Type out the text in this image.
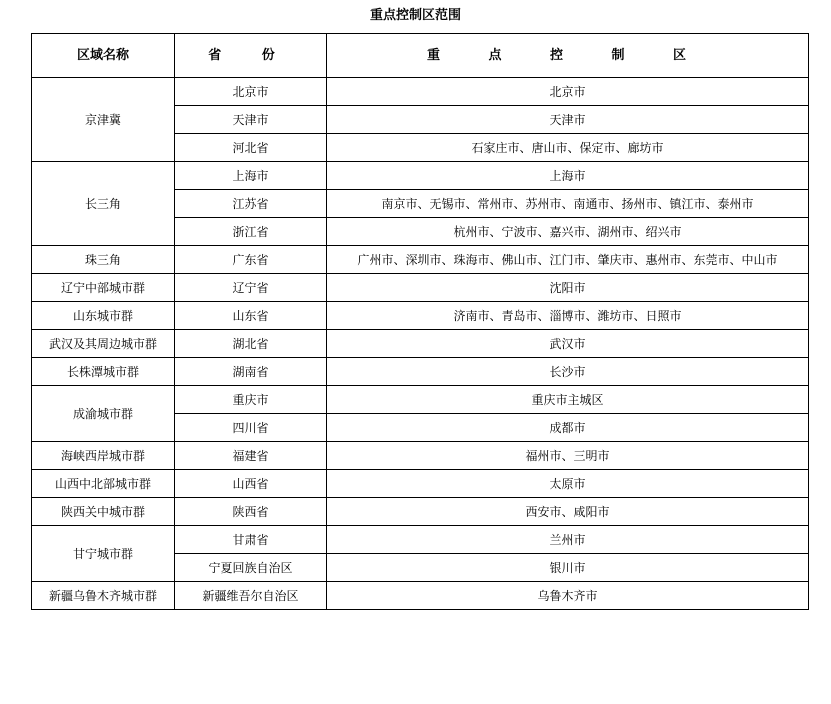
重点控制区范围
区域名称	省 份	重 点 控 制 区
京津冀	北京市	北京市
	天津市	天津市
	河北省	石家庄市、唐山市、保定市、廊坊市
长三角	上海市	上海市
	江苏省	南京市、无锡市、常州市、苏州市、南通市、扬州市、镇江市、泰州市
	浙江省	杭州市、宁波市、嘉兴市、湖州市、绍兴市
珠三角	广东省	广州市、深圳市、珠海市、佛山市、江门市、肇庆市、惠州市、东莞市、中山市
辽宁中部城市群	辽宁省	沈阳市
山东城市群	山东省	济南市、青岛市、淄博市、潍坊市、日照市
武汉及其周边城市群	湖北省	武汉市
长株潭城市群	湖南省	长沙市
成渝城市群	重庆市	重庆市主城区
	四川省	成都市
海峡西岸城市群	福建省	福州市、三明市
山西中北部城市群	山西省	太原市
陕西关中城市群	陕西省	西安市、咸阳市
甘宁城市群	甘肃省	兰州市
	宁夏回族自治区	银川市
新疆乌鲁木齐城市群	新疆维吾尔自治区	乌鲁木齐市
